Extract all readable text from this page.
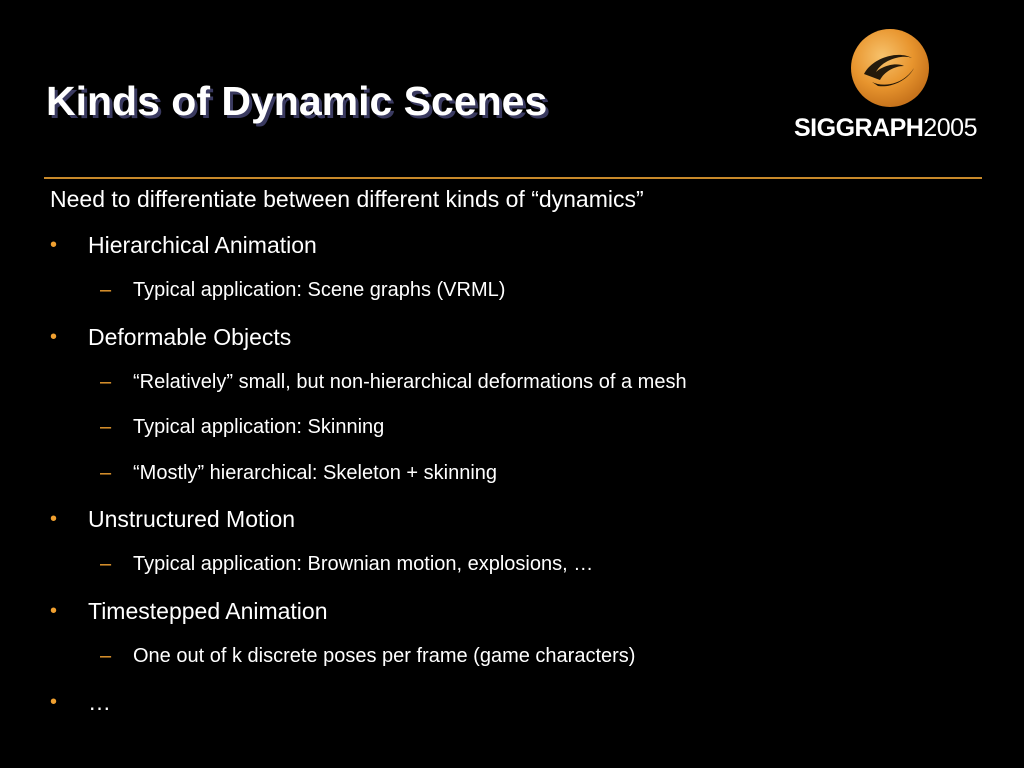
Kinds of Dynamic Scenes
SIGGRAPH2005
Need to differentiate between different kinds of “dynamics”
• Hierarchical Animation
– Typical application: Scene graphs (VRML)
• Deformable Objects
– “Relatively” small, but non-hierarchical deformations of a mesh
– Typical application: Skinning
– “Mostly” hierarchical: Skeleton + skinning
• Unstructured Motion
– Typical application: Brownian motion, explosions, …
• Timestepped Animation
– One out of k discrete poses per frame (game characters)
• …
